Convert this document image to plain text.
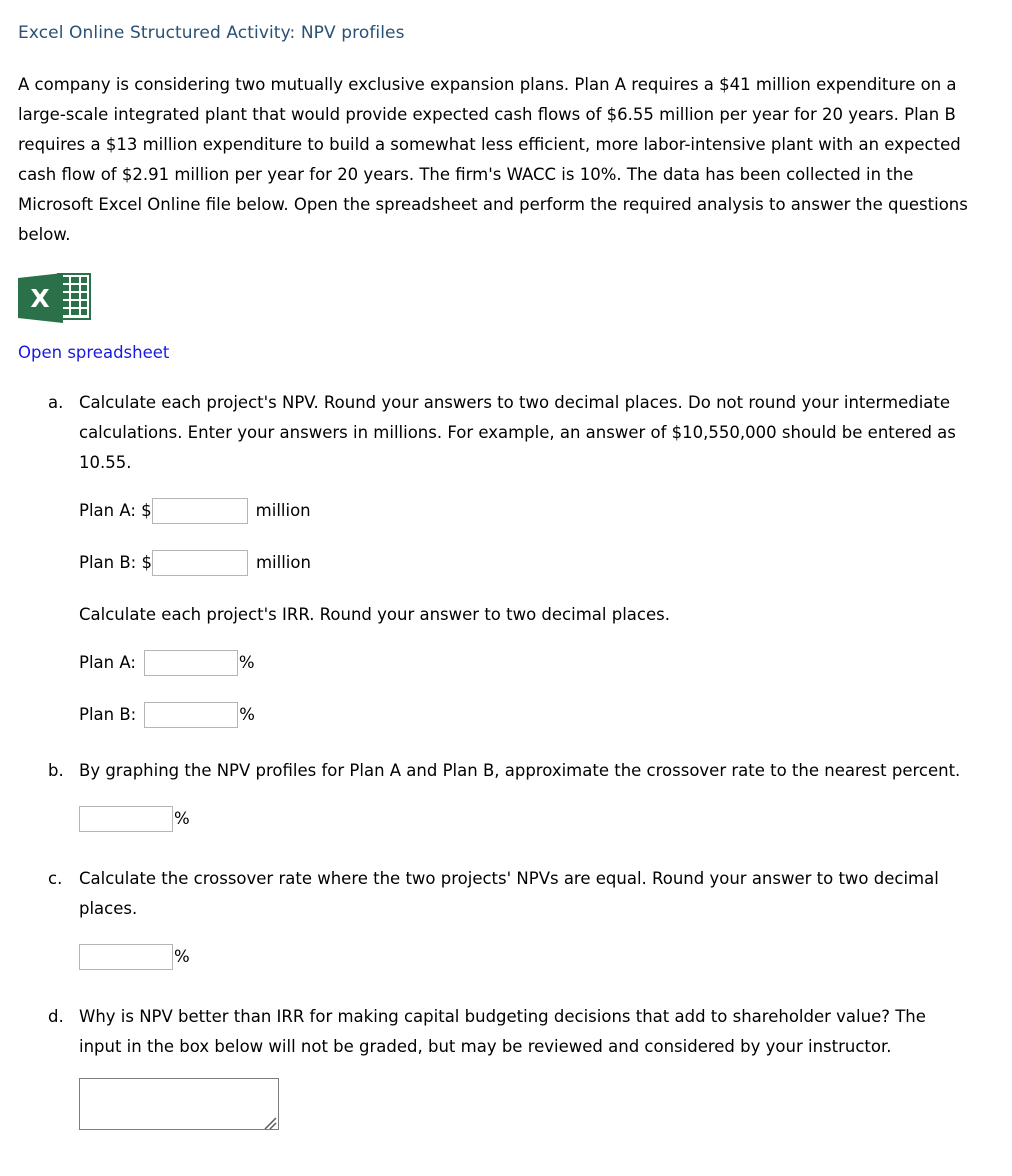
Excel Online Structured Activity: NPV profiles
A company is considering two mutually exclusive expansion plans. Plan A requires a $41 million expenditure on a large-scale integrated plant that would provide expected cash flows of $6.55 million per year for 20 years. Plan B requires a $13 million expenditure to build a somewhat less efficient, more labor-intensive plant with an expected cash flow of $2.91 million per year for 20 years. The firm's WACC is 10%. The data has been collected in the Microsoft Excel Online file below. Open the spreadsheet and perform the required analysis to answer the questions below.
X
Open spreadsheet
a. Calculate each project's NPV. Round your answers to two decimal places. Do not round your intermediate calculations. Enter your answers in millions. For example, an answer of $10,550,000 should be entered as 10.55.
Plan A: $	million
Plan B: $	million
Calculate each project's IRR. Round your answer to two decimal places.
Plan A:	%
Plan B:	%
b. By graphing the NPV profiles for Plan A and Plan B, approximate the crossover rate to the nearest percent.
%
c.	Calculate the crossover rate where the two projects' NPVs are equal. Round your answer to two decimal places.
%
d. Why is NPV better than IRR for making capital budgeting decisions that add to shareholder value? The input in the box below will not be graded, but may be reviewed and considered by your instructor.
